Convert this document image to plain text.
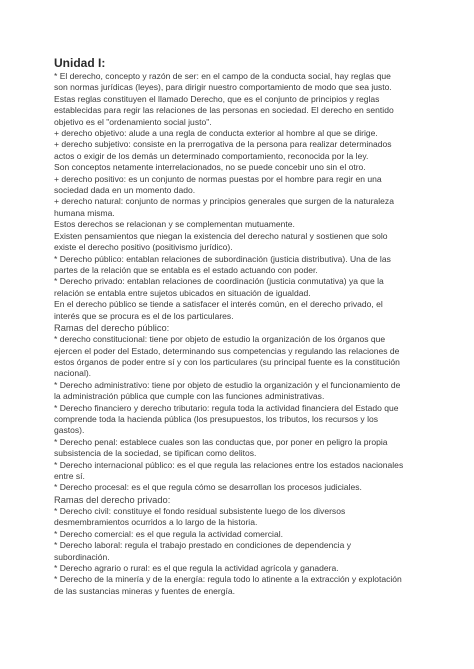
Unidad I:
* El derecho, concepto y razón de ser: en el campo de la conducta social, hay reglas que
son normas jurídicas (leyes), para dirigir nuestro comportamiento de modo que sea justo.
Estas reglas constituyen el llamado Derecho, que es el conjunto de principios y reglas
establecidas para regir las relaciones de las personas en sociedad. El derecho en sentido
objetivo es el "ordenamiento social justo".
+ derecho objetivo: alude a una regla de conducta exterior al hombre al que se dirige.
+ derecho subjetivo: consiste en la prerrogativa de la persona para realizar determinados
actos o exigir de los demás un determinado comportamiento, reconocida por la ley.
Son conceptos netamente interrelacionados, no se puede concebir uno sin el otro.
+ derecho positivo: es un conjunto de normas puestas por el hombre para regir en una
sociedad dada en un momento dado.
+ derecho natural: conjunto de normas y principios generales que surgen de la naturaleza
humana misma.
Estos derechos se relacionan y se complementan mutuamente.
Existen pensamientos que niegan la existencia del derecho natural y sostienen que solo
existe el derecho positivo (positivismo jurídico).
* Derecho público: entablan relaciones de subordinación (justicia distributiva). Una de las
partes de la relación que se entabla es el estado actuando con poder.
* Derecho privado: entablan relaciones de coordinación (justicia conmutativa) ya que la
relación se entabla entre sujetos ubicados en situación de igualdad.
En el derecho público se tiende a satisfacer el interés común, en el derecho privado, el
interés que se procura es el de los particulares.
Ramas del derecho público:
* derecho constitucional: tiene por objeto de estudio la organización de los órganos que
ejercen el poder del Estado, determinando sus competencias y regulando las relaciones de
estos órganos de poder entre sí y con los particulares (su principal fuente es la constitución
nacional).
* Derecho administrativo: tiene por objeto de estudio la organización y el funcionamiento de
la administración pública que cumple con las funciones administrativas.
* Derecho financiero y derecho tributario: regula toda la actividad financiera del Estado que
comprende toda la hacienda pública (los presupuestos, los tributos, los recursos y los
gastos).
* Derecho penal: establece cuales son las conductas que, por poner en peligro la propia
subsistencia de la sociedad, se tipifican como delitos.
* Derecho internacional público: es el que regula las relaciones entre los estados nacionales
entre sí.
* Derecho procesal: es el que regula cómo se desarrollan los procesos judiciales.
Ramas del derecho privado:
* Derecho civil: constituye el fondo residual subsistente luego de los diversos
desmembramientos ocurridos a lo largo de la historia.
* Derecho comercial: es el que regula la actividad comercial.
* Derecho laboral: regula el trabajo prestado en condiciones de dependencia y
subordinación.
* Derecho agrario o rural: es el que regula la actividad agrícola y ganadera.
* Derecho de la minería y de la energía: regula todo lo atinente a la extracción y explotación
de las sustancias mineras y fuentes de energía.
